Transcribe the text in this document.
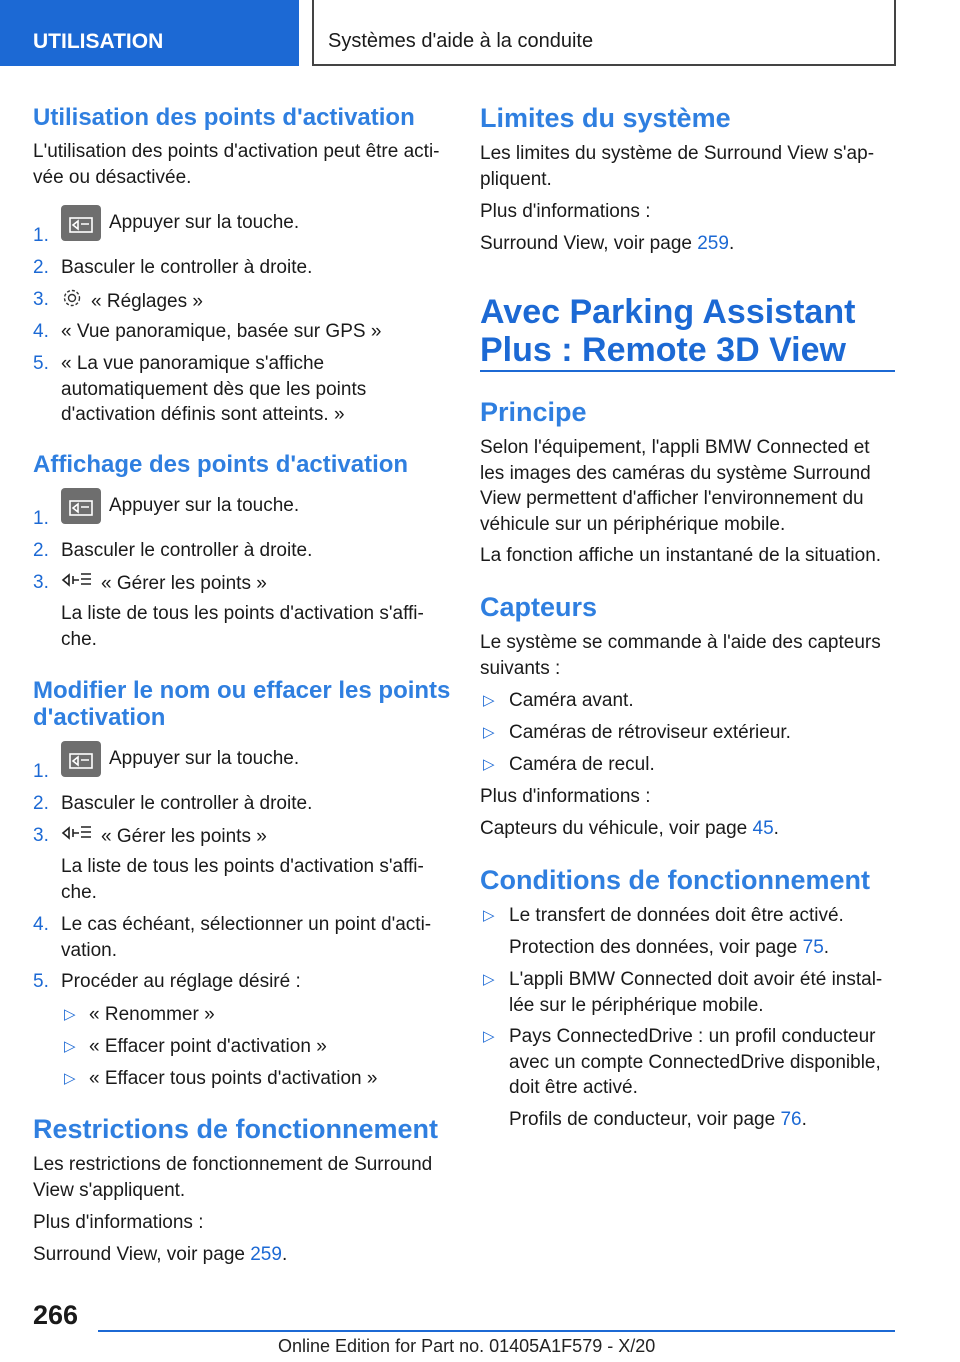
UTILISATION	Systèmes d'aide à la conduite
Utilisation des points d'activation
L'utilisation des points d'activation peut être acti‐vée ou désactivée.
1.
Appuyer sur la touche.
2. Basculer le controller à droite.
3.	« Réglages »
4. « Vue panoramique, basée sur GPS »
5. « La vue panoramique s'affiche automatiquement dès que les points d'activation définis sont atteints. »
Affichage des points d'activation
1.
Appuyer sur la touche.
2. Basculer le controller à droite.
3.	« Gérer les points »
La liste de tous les points d'activation s'affi‐che.
Modifier le nom ou effacer les points d'activation
1.
Appuyer sur la touche.
2. Basculer le controller à droite.
3.	« Gérer les points »
La liste de tous les points d'activation s'affi‐che.
4. Le cas échéant, sélectionner un point d'acti‐vation.
5. Procéder au réglage désiré :
▷ « Renommer »
▷ « Effacer point d'activation »
▷ « Effacer tous points d'activation »
Restrictions de fonctionnement
Les restrictions de fonctionnement de Surround View s'appliquent.
Plus d'informations :
Surround View, voir page 259.
Limites du système
Les limites du système de Surround View s'ap‐pliquent.
Plus d'informations :
Surround View, voir page 259.
Avec Parking Assistant Plus : Remote 3D View
Principe
Selon l'équipement, l'appli BMW Connected et les images des caméras du système Surround View permettent d'afficher l'environnement du véhicule sur un périphérique mobile.
La fonction affiche un instantané de la situation.
Capteurs
Le système se commande à l'aide des capteurs suivants :
▷ Caméra avant.
▷ Caméras de rétroviseur extérieur.
▷ Caméra de recul.
Plus d'informations :
Capteurs du véhicule, voir page 45.
Conditions de fonctionnement
▷ Le transfert de données doit être activé.
Protection des données, voir page 75.
▷ L'appli BMW Connected doit avoir été instal‐lée sur le périphérique mobile.
▷ Pays ConnectedDrive : un profil conducteur avec un compte ConnectedDrive disponible, doit être activé.
Profils de conducteur, voir page 76.
266
Online Edition for Part no. 01405A1F579 - X/20
